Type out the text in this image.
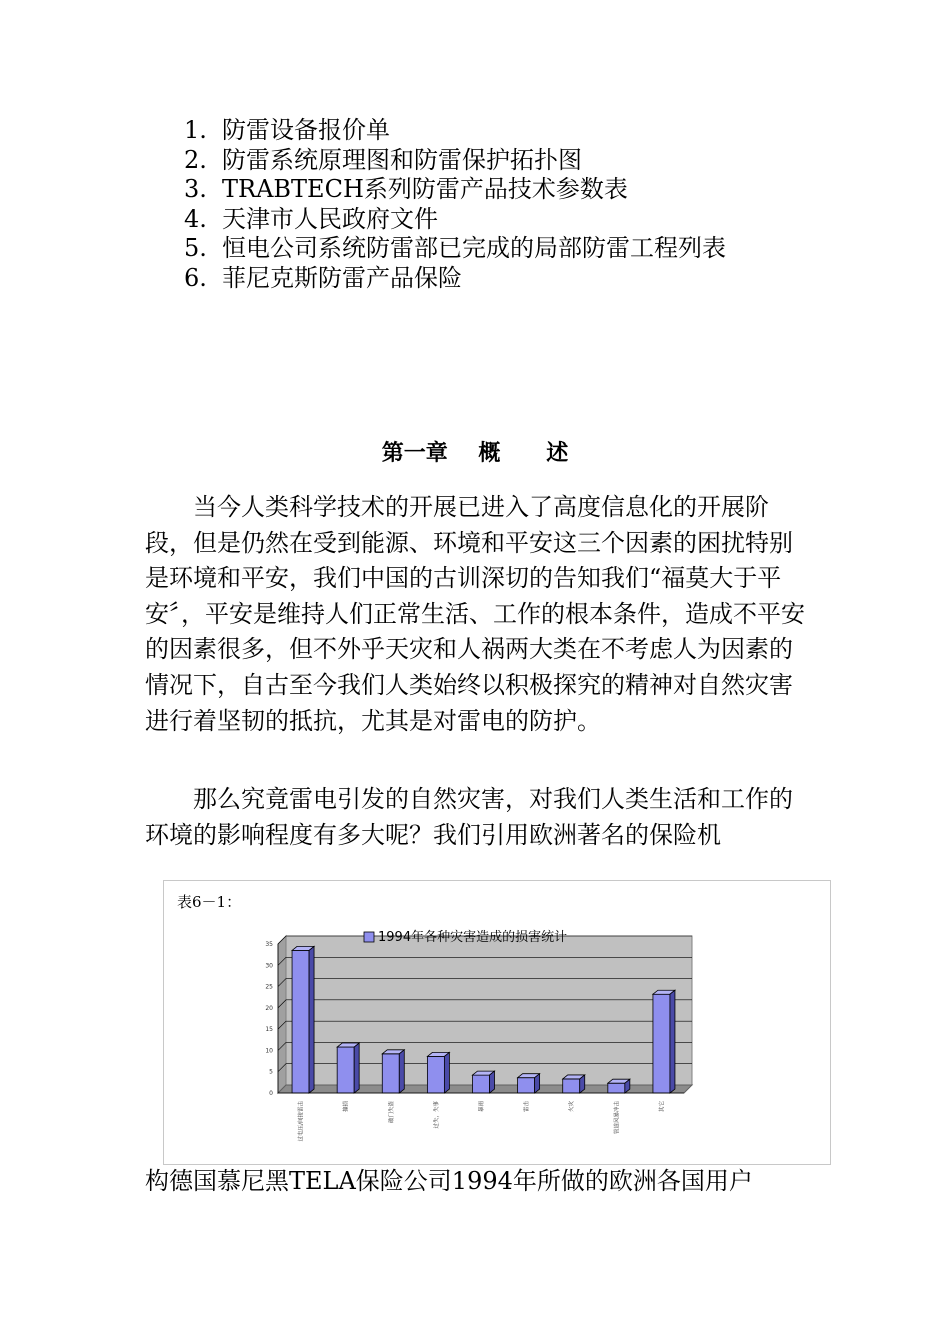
1. 防雷设备报价单
2. 防雷系统原理图和防雷保护拓扑图
3. TRABTECH系列防雷产品技术参数表
4. 天津市人民政府文件
5. 恒电公司系统防雷部已完成的局部防雷工程列表
6. 菲尼克斯防雷产品保险
第一章    概      述

当今人类科学技术的开展已进入了高度信息化的开展阶段，但是仍然在受到能源、环境和平安这三个因素的困扰特别是环境和平安，我们中国的古训深切的告知我们“福莫大于平安〞，平安是维持人们正常生活、工作的根本条件，造成不平安的因素很多，但不外乎天灾和人祸两大类在不考虑人为因素的情况下，自古至今我们人类始终以积极探究的精神对自然灾害进行着坚韧的抵抗，尤其是对雷电的防护。

那么究竟雷电引发的自然灾害，对我们人类生活和工作的环境的影响程度有多大呢？我们引用欧洲著名的保险机

表6－1：
0
5
10
15
20
25
30
35
过电压/间接雷击	撞损	破门失盗	过失，失事	暴雨	雷击	火灾	管道风暴冲击	其它
1994年各种灾害造成的损害统计

构德国慕尼黑TELA保险公司1994年所做的欧洲各国用户
